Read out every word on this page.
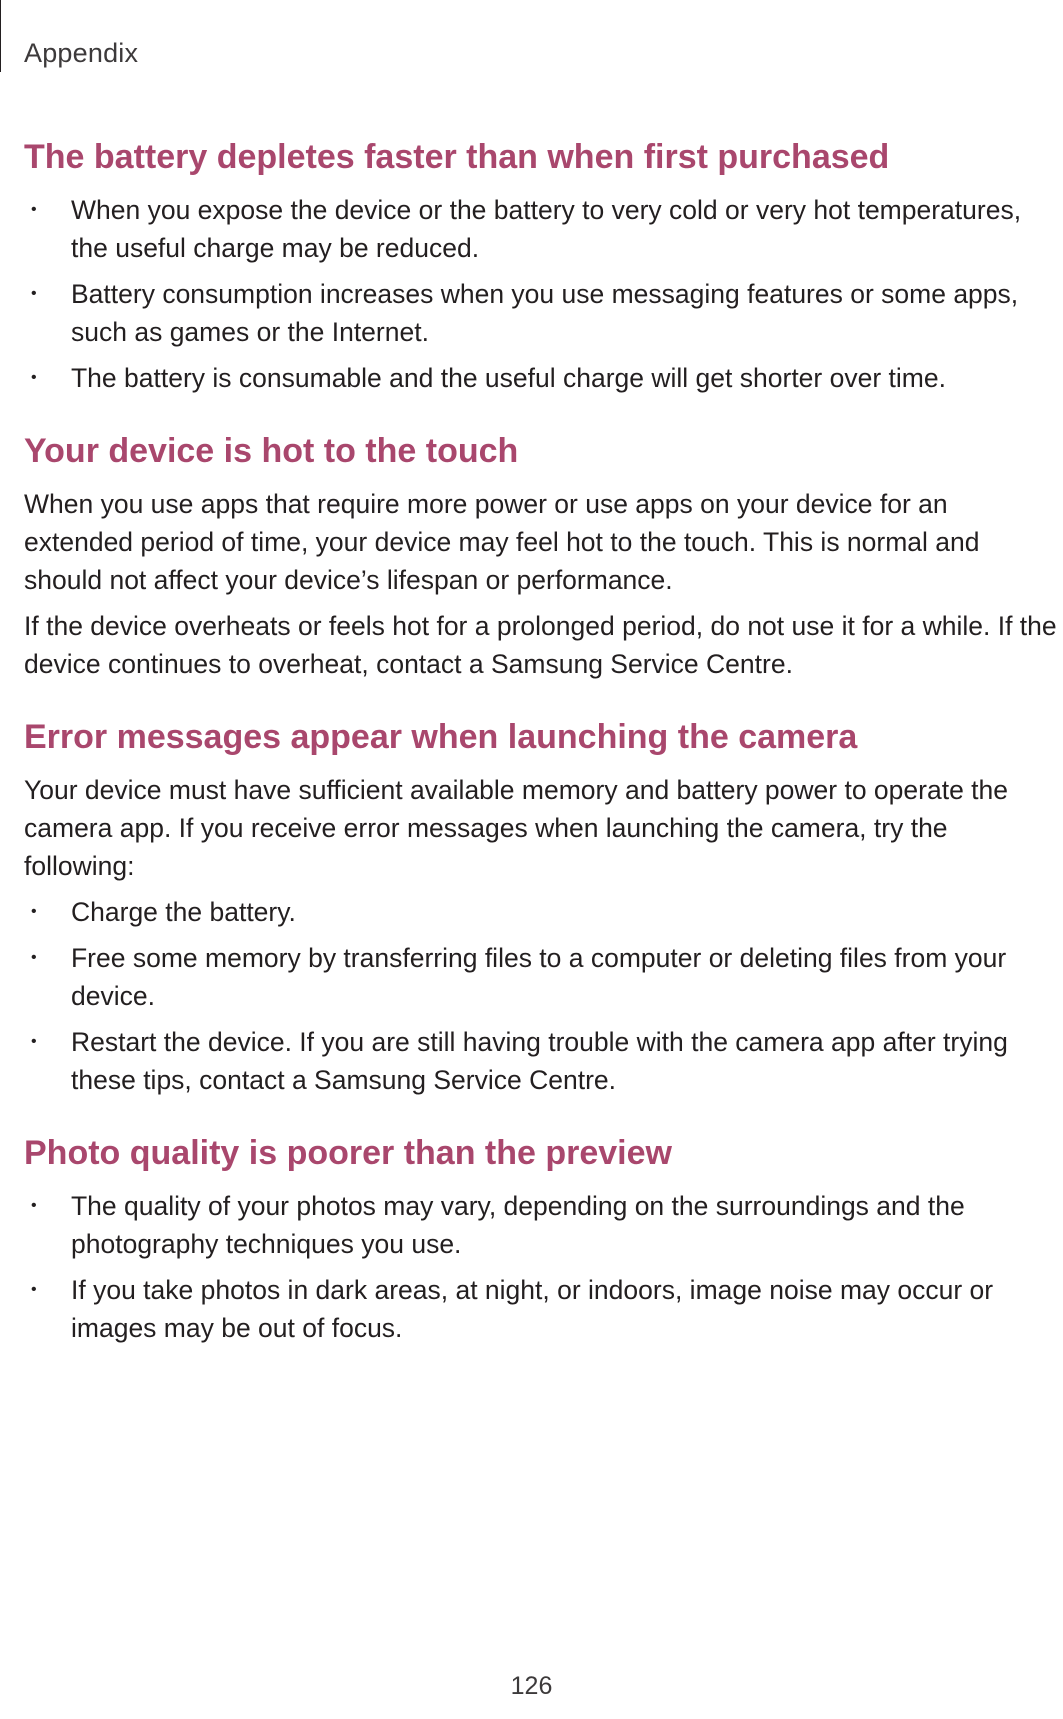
Appendix
The battery depletes faster than when first purchased
• When you expose the device or the battery to very cold or very hot temperatures, the useful charge may be reduced.
• Battery consumption increases when you use messaging features or some apps, such as games or the Internet.
• The battery is consumable and the useful charge will get shorter over time.
Your device is hot to the touch

When you use apps that require more power or use apps on your device for an extended period of time, your device may feel hot to the touch. This is normal and should not affect your device’s lifespan or performance.

If the device overheats or feels hot for a prolonged period, do not use it for a while. If the device continues to overheat, contact a Samsung Service Centre.

Error messages appear when launching the camera

Your device must have sufficient available memory and battery power to operate the camera app. If you receive error messages when launching the camera, try the following:

• Charge the battery.
• Free some memory by transferring files to a computer or deleting files from your device.
• Restart the device. If you are still having trouble with the camera app after trying these tips, contact a Samsung Service Centre.
Photo quality is poorer than the preview
• The quality of your photos may vary, depending on the surroundings and the photography techniques you use.
• If you take photos in dark areas, at night, or indoors, image noise may occur or images may be out of focus.
126
